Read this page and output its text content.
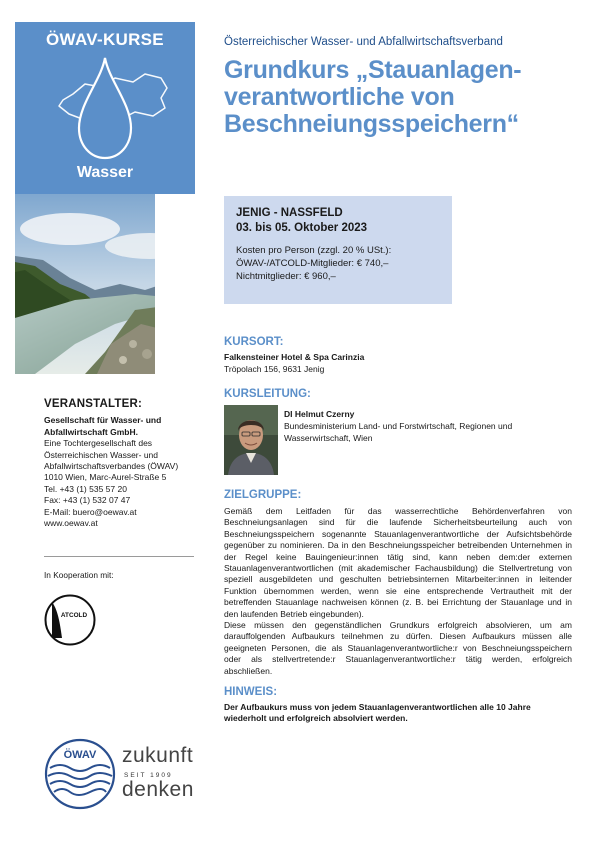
ÖWAV-KURSE
Wasser
VERANSTALTER:
Gesellschaft für Wasser- und Abfallwirtschaft GmbH.
Eine Tochtergesellschaft des Österreichischen Wasser- und Abfallwirtschaftsverbandes (ÖWAV)
1010 Wien, Marc-Aurel-Straße 5
Tel. +43 (1) 535 57 20
Fax: +43 (1) 532 07 47
E-Mail: buero@oewav.at
www.oewav.at
In Kooperation mit:
ATCOLD
ÖWAV zukunft
SEIT 1909
denken
Österreichischer Wasser- und Abfallwirtschaftsverband
Grundkurs „Stauanlagen-
verantwortliche von
Beschneiungsspeichern“
JENIG - NASSFELD
03. bis 05. Oktober 2023
Kosten pro Person (zzgl. 20 % USt.):
ÖWAV-/ATCOLD-Mitglieder: € 740,–
Nichtmitglieder: € 960,–
KURSORT:
Falkensteiner Hotel & Spa Carinzia
Tröpolach 156, 9631 Jenig
KURSLEITUNG:
DI Helmut Czerny
Bundesministerium Land- und Forstwirtschaft, Regionen und Wasserwirtschaft, Wien
ZIELGRUPPE:

Gemäß dem Leitfaden für das wasserrechtliche Behördenverfahren von Beschneiungsanlagen sind für die laufende Sicherheitsbeurteilung auch von Beschneiungsspeichern sogenannte Stauanlagenverantwortliche der Aufsichtsbehörde gegenüber zu nominieren. Da in den Beschneiungsspeicher betreibenden Unternehmen in der Regel keine Bauingenieur:innen tätig sind, kann neben dem:der externen Stauanlagenverantwortlichen (mit akademischer Fachausbildung) die Stellvertretung von speziell ausgebildeten und geschulten betriebsinternen Mitarbeiter:innen in leitender Funktion übernommen werden, wenn sie eine entsprechende Vertrautheit mit der betreffenden Stauanlage nachweisen können (z. B. bei Errichtung der Stauanlage und in den laufenden Betrieb eingebunden).

Diese müssen den gegenständlichen Grundkurs erfolgreich absolvieren, um am darauffolgenden Aufbaukurs teilnehmen zu dürfen. Diesen Aufbaukurs müssen alle geeigneten Personen, die als Stauanlagenverantwortliche:r von Beschneiungsspeichern oder als stellvertretende:r Stauanlagenverantwortliche:r tätig werden, erfolgreich abschließen.

HINWEIS:
Der Aufbaukurs muss von jedem Stauanlagenverantwortlichen alle 10 Jahre wiederholt und erfolgreich absolviert werden.
